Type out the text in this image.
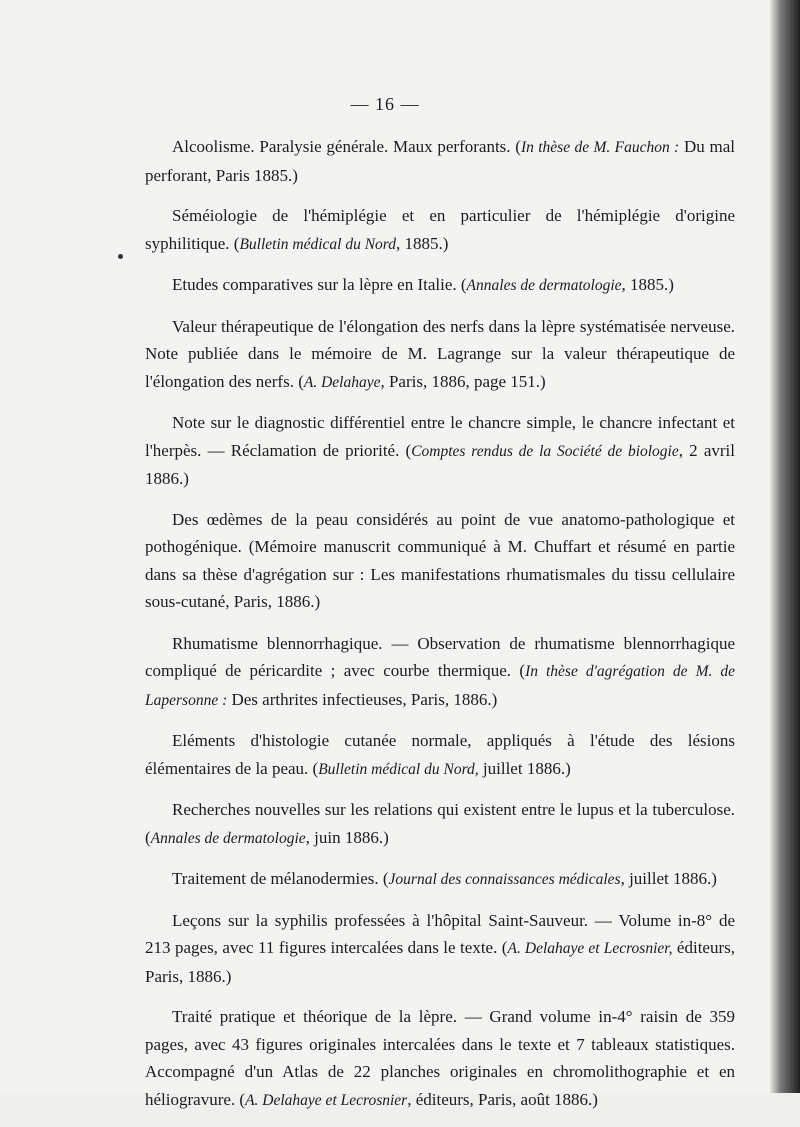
— 16 —

Alcoolisme. Paralysie générale. Maux perforants. (In thèse de M. Fauchon : Du mal perforant, Paris 1885.)

Séméiologie de l'hémiplégie et en particulier de l'hémiplégie d'origine syphilitique. (Bulletin médical du Nord, 1885.)

Etudes comparatives sur la lèpre en Italie. (Annales de dermatologie, 1885.)

Valeur thérapeutique de l'élongation des nerfs dans la lèpre systématisée nerveuse. Note publiée dans le mémoire de M. Lagrange sur la valeur thérapeutique de l'élongation des nerfs. (A. Delahaye, Paris, 1886, page 151.)

Note sur le diagnostic différentiel entre le chancre simple, le chancre infectant et l'herpès. — Réclamation de priorité. (Comptes rendus de la Société de biologie, 2 avril 1886.)

Des œdèmes de la peau considérés au point de vue anatomo-pathologique et pothogénique. (Mémoire manuscrit communiqué à M. Chuffart et résumé en partie dans sa thèse d'agrégation sur : Les manifestations rhumatismales du tissu cellulaire sous-cutané, Paris, 1886.)

Rhumatisme blennorrhagique. — Observation de rhumatisme blennorrhagique compliqué de péricardite ; avec courbe thermique. (In thèse d'agrégation de M. de Lapersonne : Des arthrites infectieuses, Paris, 1886.)

Eléments d'histologie cutanée normale, appliqués à l'étude des lésions élémentaires de la peau. (Bulletin médical du Nord, juillet 1886.)

Recherches nouvelles sur les relations qui existent entre le lupus et la tuberculose. (Annales de dermatologie, juin 1886.)

Traitement de mélanodermies. (Journal des connaissances médicales, juillet 1886.)

Leçons sur la syphilis professées à l'hôpital Saint-Sauveur. — Volume in-8° de 213 pages, avec 11 figures intercalées dans le texte. (A. Delahaye et Lecrosnier, éditeurs, Paris, 1886.)

Traité pratique et théorique de la lèpre. — Grand volume in-4° raisin de 359 pages, avec 43 figures originales intercalées dans le texte et 7 tableaux statistiques. Accompagné d'un Atlas de 22 planches originales en chromolithographie et en héliogravure. (A. Delahaye et Lecrosnier, éditeurs, Paris, août 1886.)
